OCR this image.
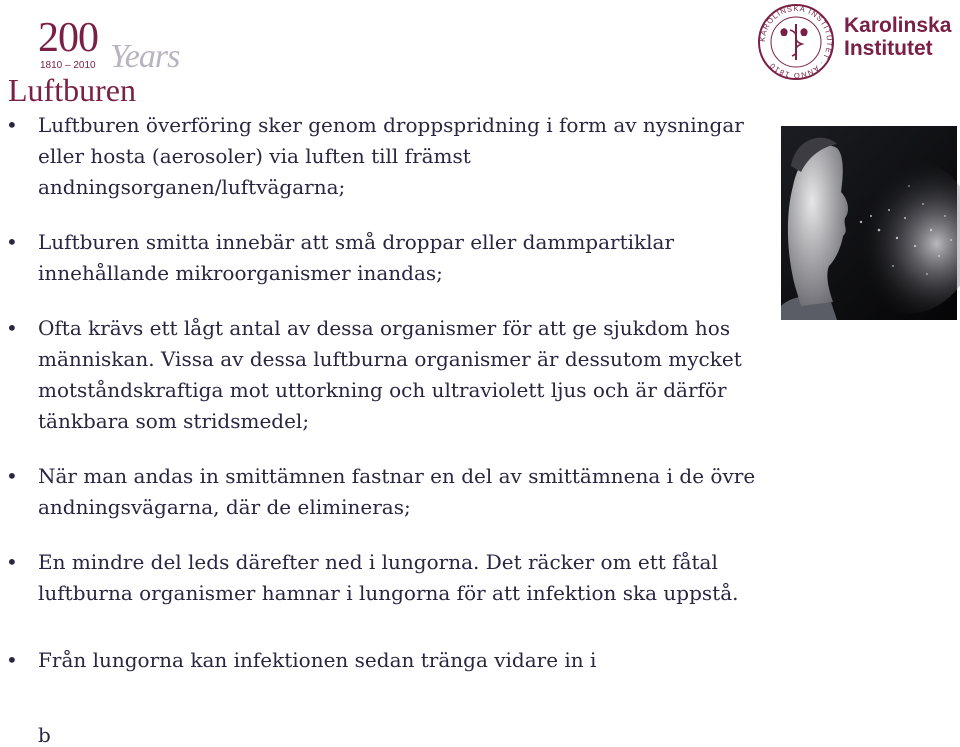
200 Years
1810 – 2010
Luftburen
KAROLINSKA INSTITUTET · ANNO 1810
Karolinska
Institutet
• Luftburen överföring sker genom droppspridning i form av nysningar eller hosta (aerosoler) via luften till främst andningsorganen/luftvägarna;
• Luftburen smitta innebär att små droppar eller dammpartiklar innehållande mikroorganismer inandas;
• Ofta krävs ett lågt antal av dessa organismer för att ge sjukdom hos människan. Vissa av dessa luftburna organismer är dessutom mycket motståndskraftiga mot uttorkning och ultraviolett ljus och är därför tänkbara som stridsmedel;
• När man andas in smittämnen fastnar en del av smittämnena i de övre andningsvägarna, där de elimineras;
• En mindre del leds därefter ned i lungorna. Det räcker om ett fåtal luftburna organismer hamnar i lungorna för att infektion ska uppstå.
• Från lungorna kan infektionen sedan tränga vidare in i
b
